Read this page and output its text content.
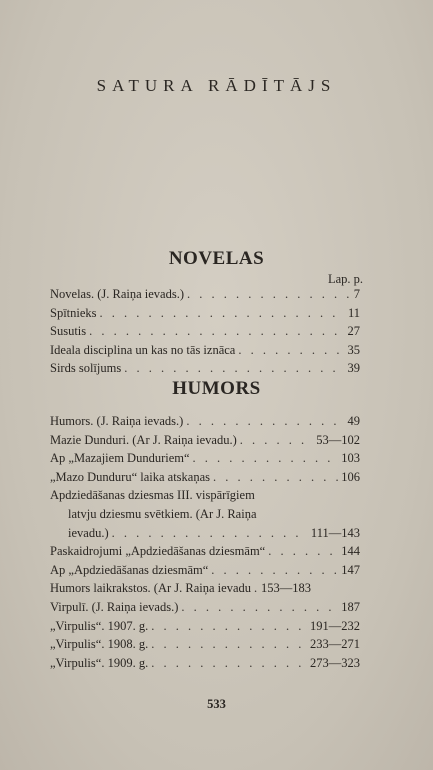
SATURA RĀDĪTĀJS
NOVELAS
Lap. p.
Novelas. (J. Raiņa ievads.) . . .	7
Spītnieks . . .	11
Susutis . . .	27
Ideala disciplina un kas no tās iznāca . . .	35
Sirds solījums . . .	39
HUMORS
Humors. (J. Raiņa ievads.) . . .	49
Mazie Dunduri. (Ar J. Raiņa ievadu.) . . .	53—102
Ap „Mazajiem Dunduriem“ . . .	103
„Mazo Dunduru“ laika atskaņas . . .	106
Apdziedāšanas dziesmas III. vispārīgiem
latvju dziesmu svētkiem. (Ar J. Raiņa
ievadu.) . . .	111—143
Paskaidrojumi „Apdziedāšanas dziesmām“ . . .	144
Ap „Apdziedāšanas dziesmām“ . . .	147
Humors laikrakstos. (Ar J. Raiņa ievadu . . . 153—183
Virpulī. (J. Raiņa ievads.) . . .	187
„Virpulis“. 1907. g. . . .	191—232
„Virpulis“. 1908. g. . . .	233—271
„Virpulis“. 1909. g. . . .	273—323
533
